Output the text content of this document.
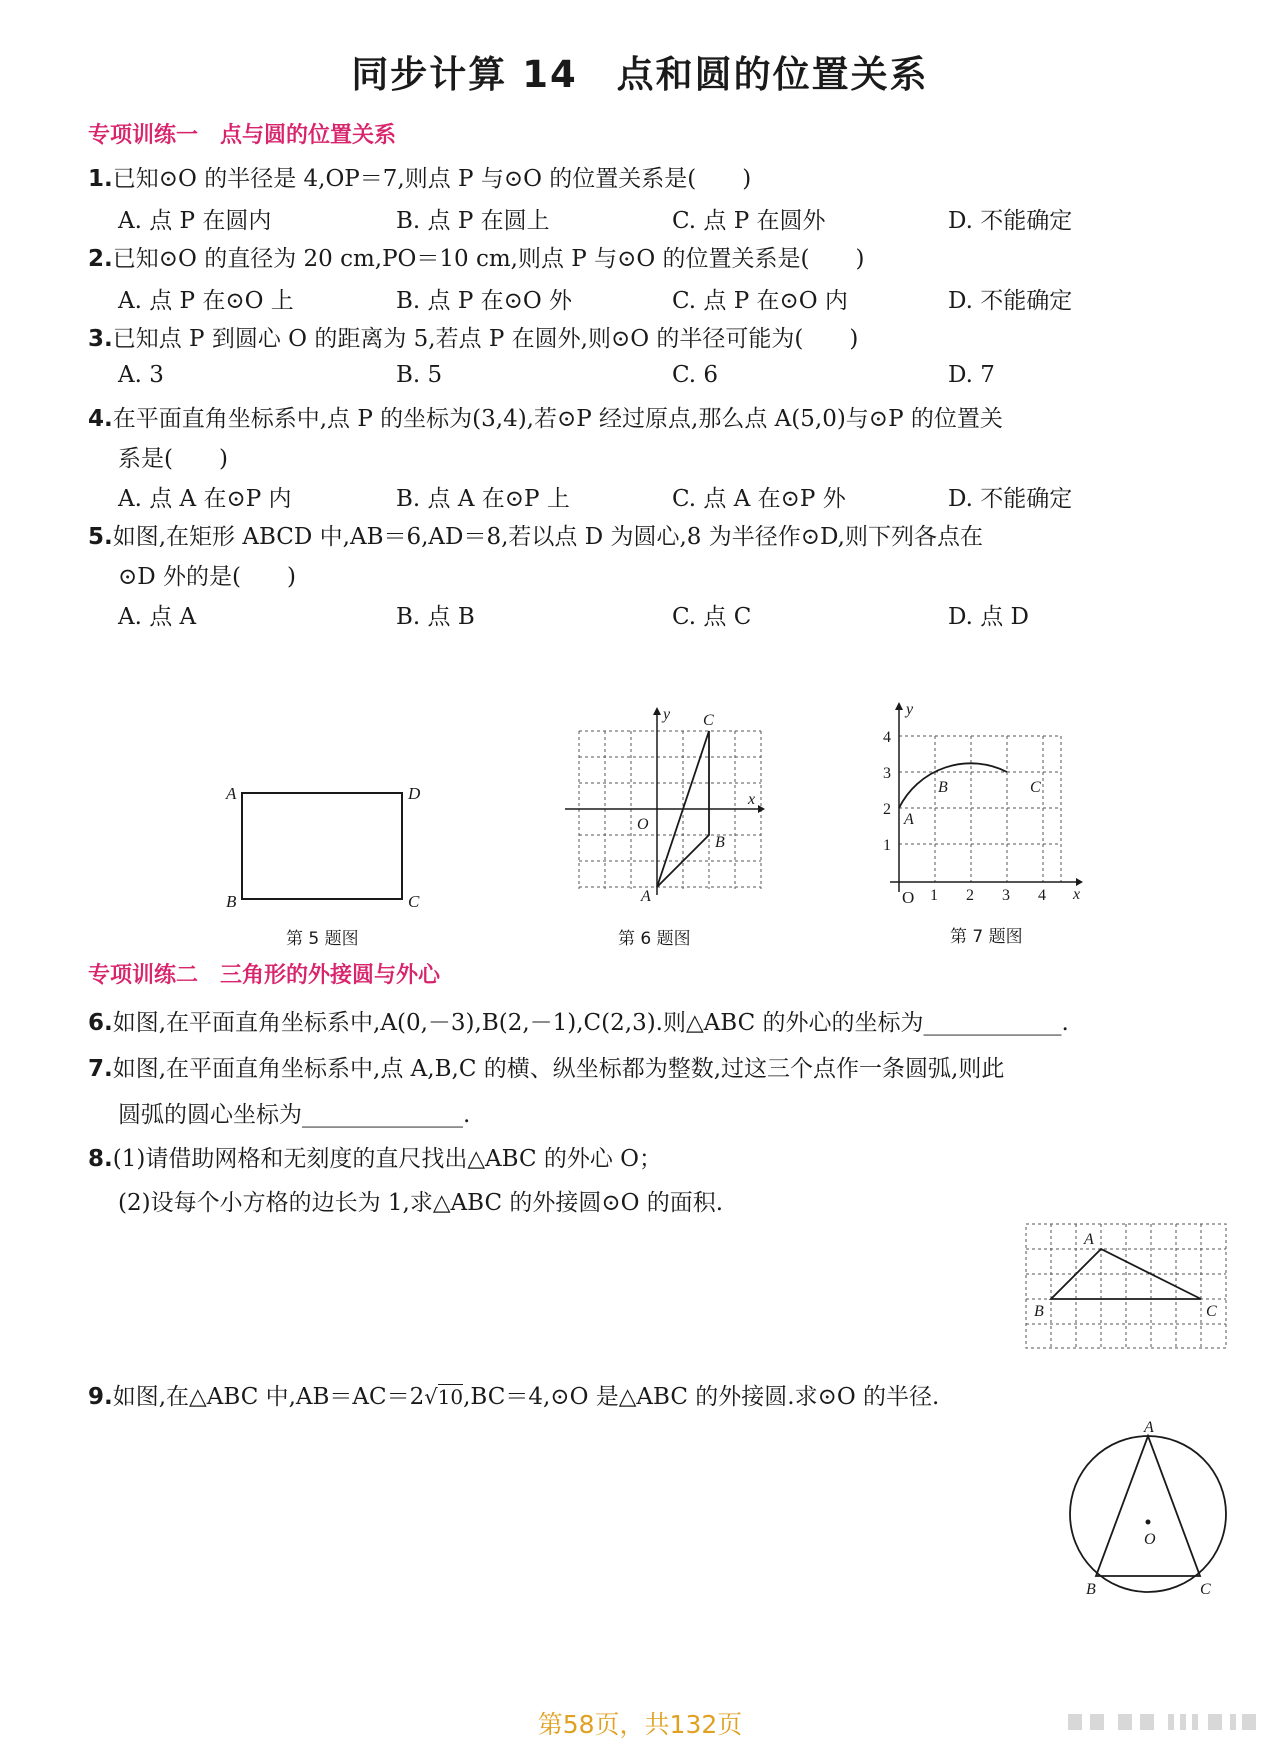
同步计算 14　点和圆的位置关系
专项训练一　点与圆的位置关系
1.已知⊙O 的半径是 4,OP＝7,则点 P 与⊙O 的位置关系是(　　)
A. 点 P 在圆内	B. 点 P 在圆上	C. 点 P 在圆外	D. 不能确定
2.已知⊙O 的直径为 20 cm,PO＝10 cm,则点 P 与⊙O 的位置关系是(　　)
A. 点 P 在⊙O 上	B. 点 P 在⊙O 外	C. 点 P 在⊙O 内	D. 不能确定
3.已知点 P 到圆心 O 的距离为 5,若点 P 在圆外,则⊙O 的半径可能为(　　)
A. 3	B. 5	C. 6	D. 7
4.在平面直角坐标系中,点 P 的坐标为(3,4),若⊙P 经过原点,那么点 A(5,0)与⊙P 的位置关
系是(　　)
A. 点 A 在⊙P 内	B. 点 A 在⊙P 上	C. 点 A 在⊙P 外	D. 不能确定
5.如图,在矩形 ABCD 中,AB＝6,AD＝8,若以点 D 为圆心,8 为半径作⊙D,则下列各点在
⊙D 外的是(　　)
A. 点 A	B. 点 B	C. 点 C	D. 点 D
A	D
B	C
第 5 题图
y
x
O
C
B
A
第 6 题图
y
x
A
B	C
O 1 2 3 4
1
2
3
4
第 7 题图
专项训练二　三角形的外接圆与外心
6.如图,在平面直角坐标系中,A(0,－3),B(2,－1),C(2,3).则△ABC 的外心的坐标为____________.
7.如图,在平面直角坐标系中,点 A,B,C 的横、纵坐标都为整数,过这三个点作一条圆弧,则此
圆弧的圆心坐标为______________.
8.(1)请借助网格和无刻度的直尺找出△ABC 的外心 O；
(2)设每个小方格的边长为 1,求△ABC 的外接圆⊙O 的面积.
A
B	C
9.如图,在△ABC 中,AB＝AC＝2√10,BC＝4,⊙O 是△ABC 的外接圆.求⊙O 的半径.
A
O
B	C
第58页，共132页
